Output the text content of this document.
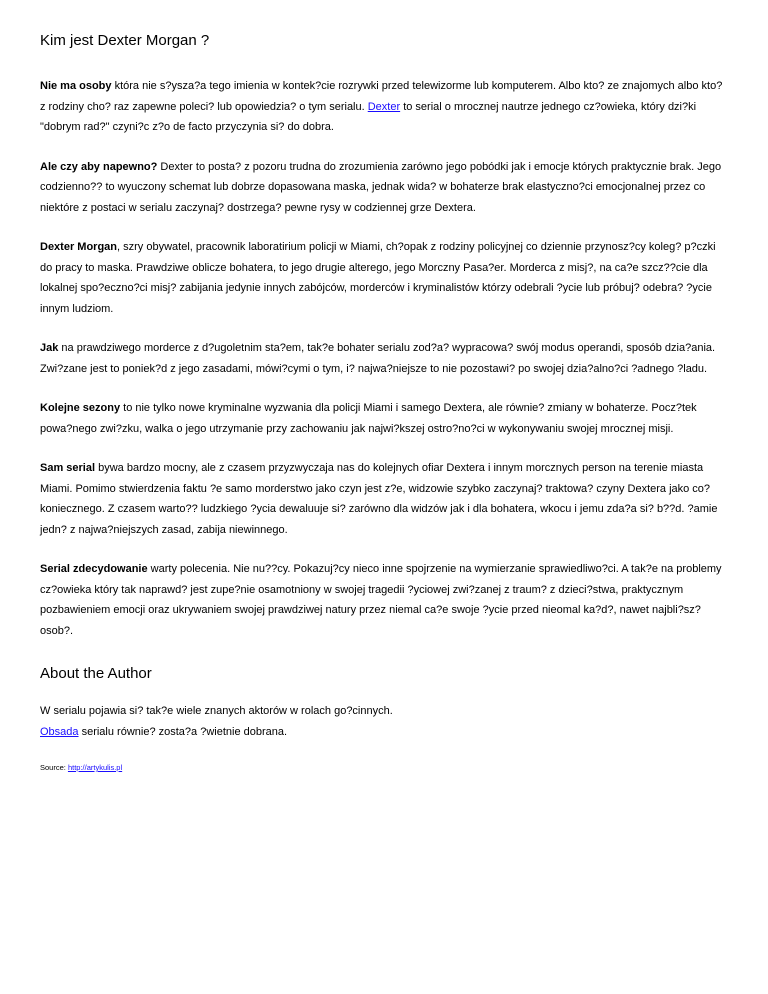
Kim jest Dexter Morgan ?

Nie ma osoby która nie s?ysza?a tego imienia w kontek?cie rozrywki przed telewizorme lub komputerem. Albo kto? ze znajomych albo kto? z rodziny cho? raz zapewne poleci? lub opowiedzia? o tym serialu. Dexter to serial o mrocznej nautrze jednego cz?owieka, który dzi?ki "dobrym rad?" czyni?c z?o de facto przyczynia si? do dobra.

Ale czy aby napewno? Dexter to posta? z pozoru trudna do zrozumienia zarówno jego pobódki jak i emocje których praktycznie brak. Jego codzienno?? to wyuczony schemat lub dobrze dopasowana maska, jednak wida? w bohaterze brak elastyczno?ci emocjonalnej przez co niektóre z postaci w serialu zaczynaj? dostrzega? pewne rysy w codziennej grze Dextera.

Dexter Morgan, szry obywatel, pracownik laboratirium policji w Miami, ch?opak z rodziny policyjnej co dziennie przynosz?cy koleg? p?czki do pracy to maska. Prawdziwe oblicze bohatera, to jego drugie alterego, jego Morczny Pasa?er. Morderca z misj?, na ca?e szcz??cie dla lokalnej spo?eczno?ci misj? zabijania jedynie innych zabójców, morderców i kryminalistów którzy odebrali ?ycie lub próbuj? odebra? ?ycie innym ludziom.

Jak na prawdziwego morderce z d?ugoletnim sta?em, tak?e bohater serialu zod?a? wypracowa? swój modus operandi, sposób dzia?ania. Zwi?zane jest to poniek?d z jego zasadami, mówi?cymi o tym, i? najwa?niejsze to nie pozostawi? po swojej dzia?alno?ci ?adnego ?ladu.

Kolejne sezony to nie tylko nowe kryminalne wyzwania dla policji Miami i samego Dextera, ale równie? zmiany w bohaterze. Pocz?tek powa?nego zwi?zku, walka o jego utrzymanie przy zachowaniu jak najwi?kszej ostro?no?ci w wykonywaniu swojej mrocznej misji.

Sam serial bywa bardzo mocny, ale z czasem przyzwyczaja nas do kolejnych ofiar Dextera i innym morcznych person na terenie miasta Miami. Pomimo stwierdzenia faktu ?e samo morderstwo jako czyn jest z?e, widzowie szybko zaczynaj? traktowa? czyny Dextera jako co? koniecznego. Z czasem warto?? ludzkiego ?ycia dewaluuje si? zarówno dla widzów jak i dla bohatera, wkocu i jemu zda?a si? b??d. ?amie jedn? z najwa?niejszych zasad, zabija niewinnego.

Serial zdecydowanie warty polecenia. Nie nu??cy. Pokazuj?cy nieco inne spojrzenie na wymierzanie sprawiedliwo?ci. A tak?e na problemy cz?owieka który tak naprawd? jest zupe?nie osamotniony w swojej tragedii ?yciowej zwi?zanej z traum? z dzieci?stwa, praktycznym pozbawieniem emocji oraz ukrywaniem swojej prawdziwej natury przez niemal ca?e swoje ?ycie przed nieomal ka?d?, nawet najbli?sz? osob?.

About the Author

W serialu pojawia si? tak?e wiele znanych aktorów w rolach go?cinnych.

Obsada serialu równie? zosta?a ?wietnie dobrana.

Source: http://artykulis.pl
